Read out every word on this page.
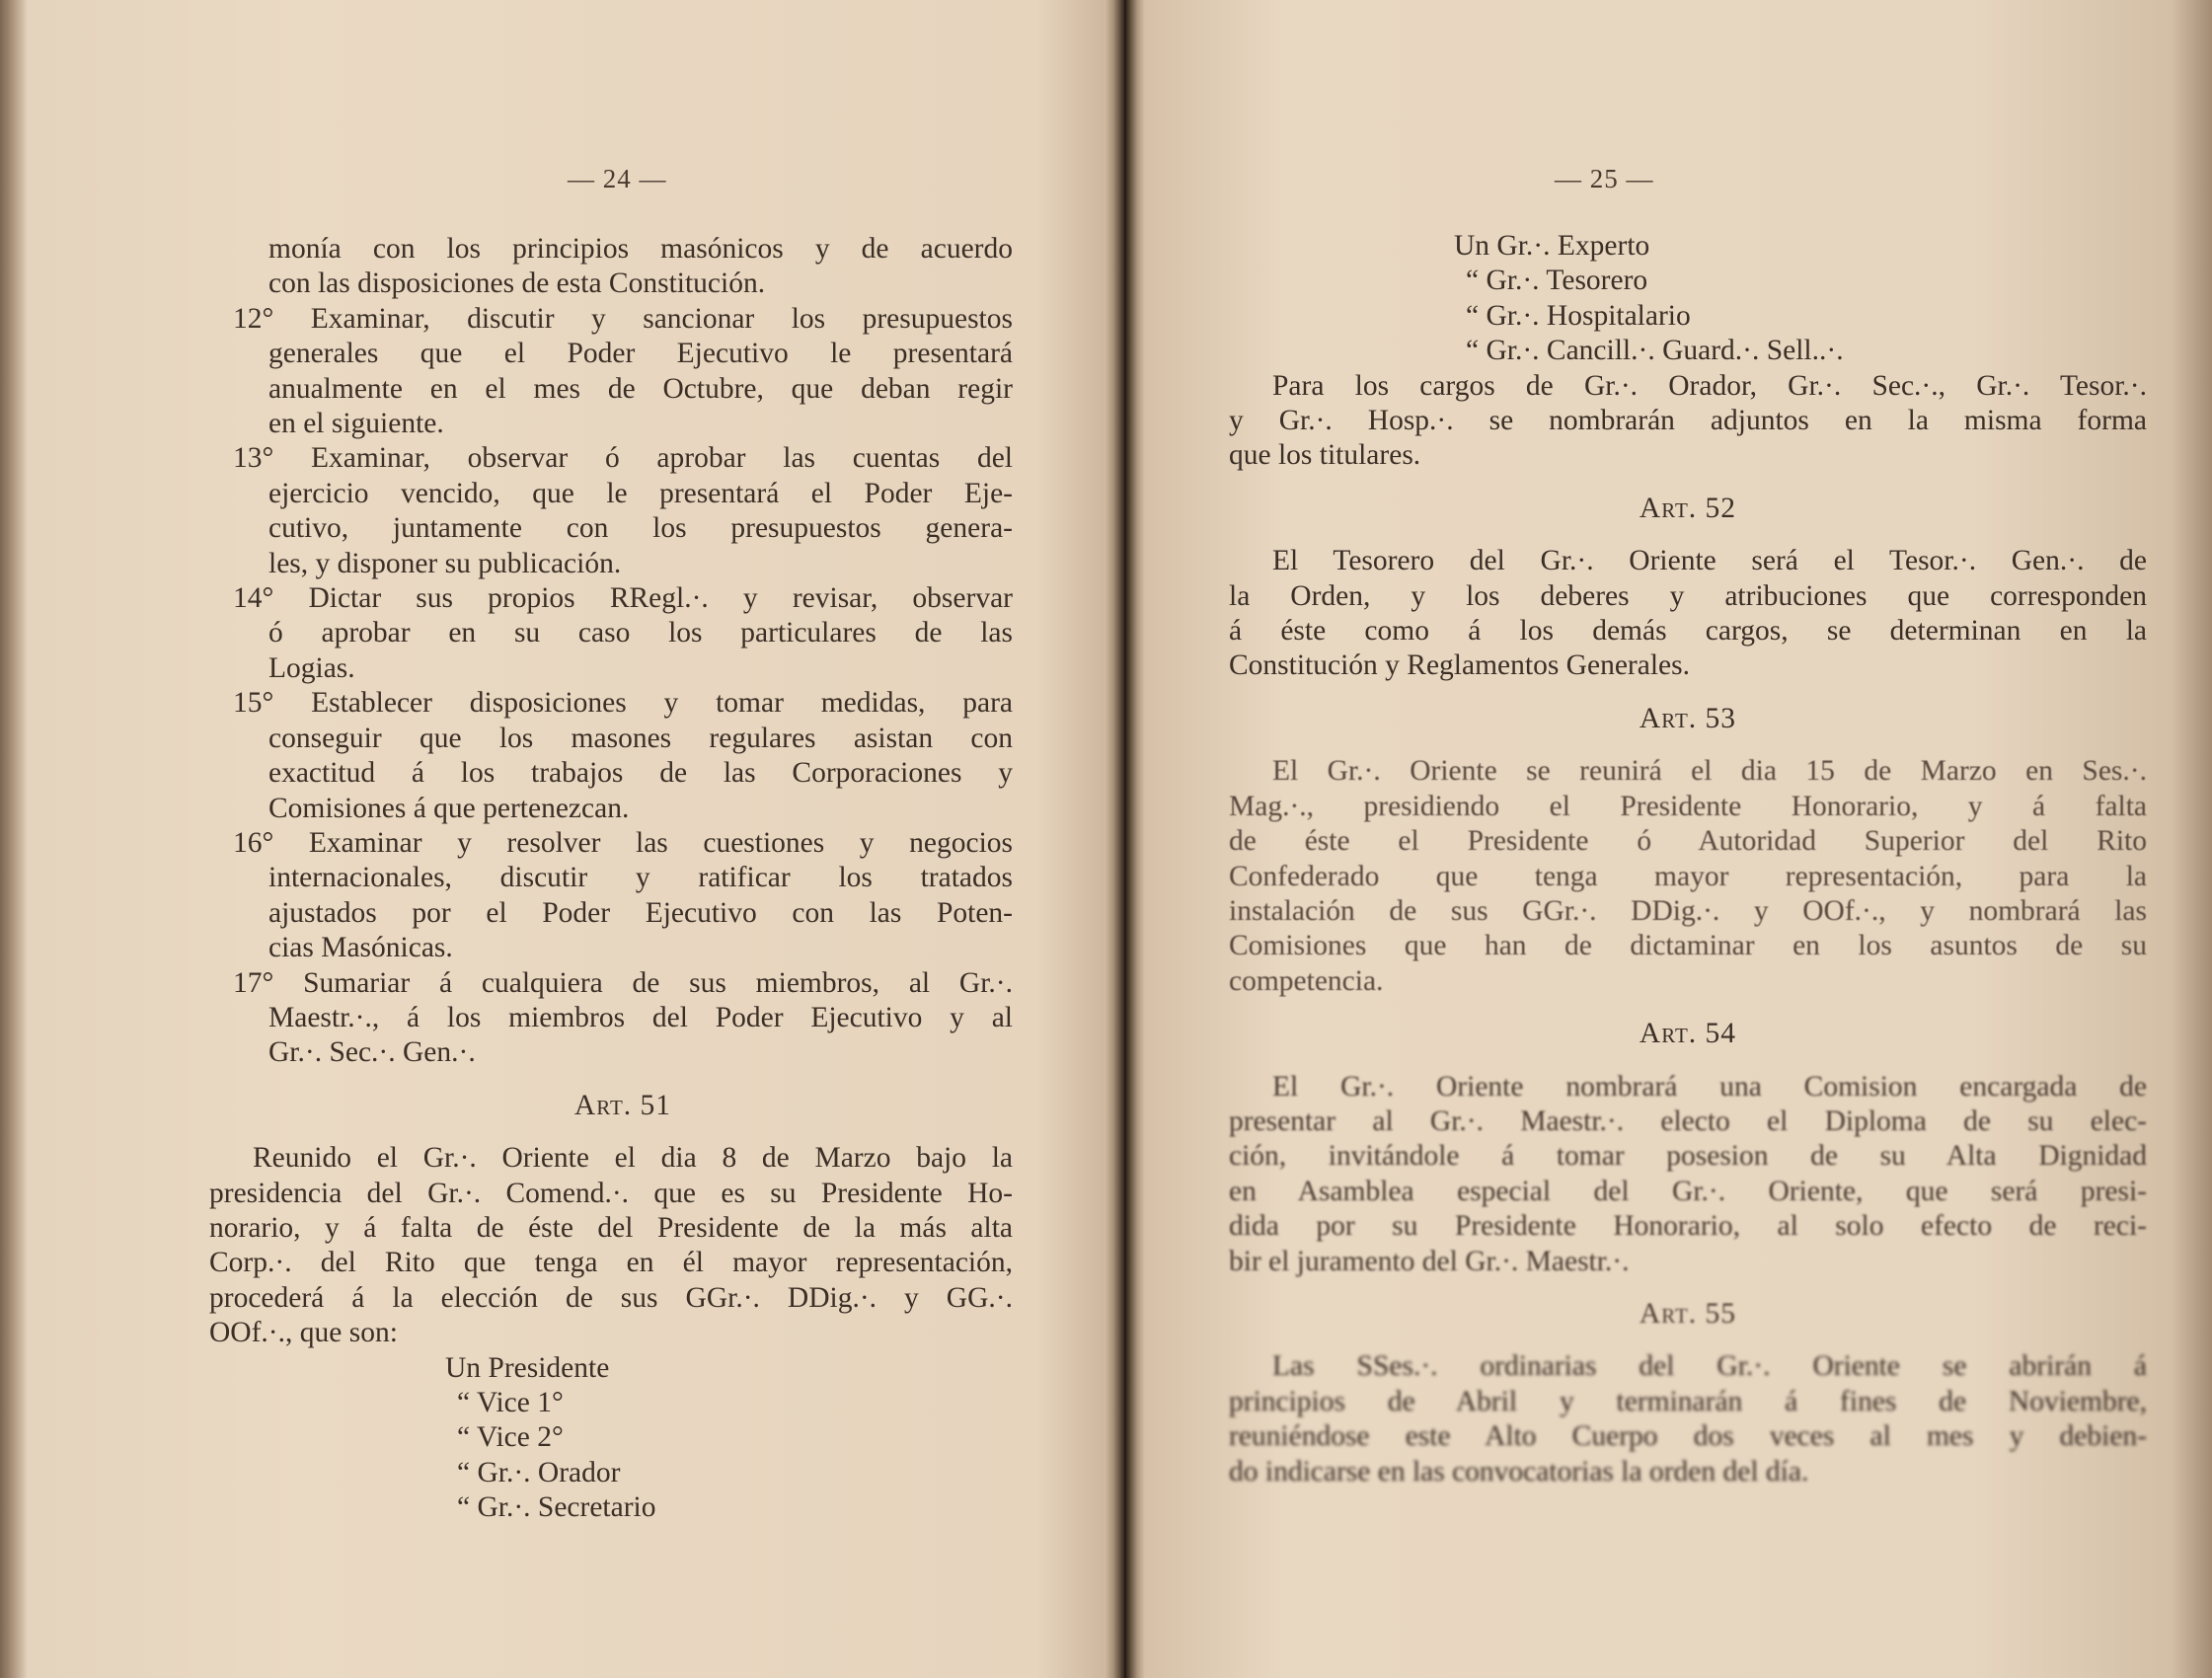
— 24 —
monía con los principios masónicos y de acuerdo
con las disposiciones de esta Constitución.
12° Examinar, discutir y sancionar los presupuestos
generales que el Poder Ejecutivo le presentará
anualmente en el mes de Octubre, que deban regir
en el siguiente.
13° Examinar, observar ó aprobar las cuentas del
ejercicio vencido, que le presentará el Poder Eje-
cutivo, juntamente con los presupuestos genera-
les, y disponer su publicación.
14° Dictar sus propios RRegl.·. y revisar, observar
ó aprobar en su caso los particulares de las
Logias.
15° Establecer disposiciones y tomar medidas, para
conseguir que los masones regulares asistan con
exactitud á los trabajos de las Corporaciones y
Comisiones á que pertenezcan.
16° Examinar y resolver las cuestiones y negocios
internacionales, discutir y ratificar los tratados
ajustados por el Poder Ejecutivo con las Poten-
cias Masónicas.
17° Sumariar á cualquiera de sus miembros, al Gr.·.
Maestr.·., á los miembros del Poder Ejecutivo y al
Gr.·. Sec.·. Gen.·.
Art. 51
Reunido el Gr.·. Oriente el dia 8 de Marzo bajo la
presidencia del Gr.·. Comend.·. que es su Presidente Ho-
norario, y á falta de éste del Presidente de la más alta
Corp.·. del Rito que tenga en él mayor representación,
procederá á la elección de sus GGr.·. DDig.·. y GG.·.
OOf.·., que son:
Un Presidente
“ Vice 1°
“ Vice 2°
“ Gr.·. Orador
“ Gr.·. Secretario
— 25 —
Un Gr.·. Experto
“ Gr.·. Tesorero
“ Gr.·. Hospitalario
“ Gr.·. Cancill.·. Guard.·. Sell..·.
Para los cargos de Gr.·. Orador, Gr.·. Sec.·., Gr.·. Tesor.·.
y Gr.·. Hosp.·. se nombrarán adjuntos en la misma forma
que los titulares.
Art. 52
El Tesorero del Gr.·. Oriente será el Tesor.·. Gen.·. de
la Orden, y los deberes y atribuciones que corresponden
á éste como á los demás cargos, se determinan en la
Constitución y Reglamentos Generales.
Art. 53
El Gr.·. Oriente se reunirá el dia 15 de Marzo en Ses.·.
Mag.·., presidiendo el Presidente Honorario, y á falta
de éste el Presidente ó Autoridad Superior del Rito
Confederado que tenga mayor representación, para la
instalación de sus GGr.·. DDig.·. y OOf.·., y nombrará las
Comisiones que han de dictaminar en los asuntos de su
competencia.
Art. 54
El Gr.·. Oriente nombrará una Comision encargada de
presentar al Gr.·. Maestr.·. electo el Diploma de su elec-
ción, invitándole á tomar posesion de su Alta Dignidad
en Asamblea especial del Gr.·. Oriente, que será presi-
dida por su Presidente Honorario, al solo efecto de reci-
bir el juramento del Gr.·. Maestr.·.
Art. 55
Las SSes.·. ordinarias del Gr.·. Oriente se abrirán á
principios de Abril y terminarán á fines de Noviembre,
reuniéndose este Alto Cuerpo dos veces al mes y debien-
do indicarse en las convocatorias la orden del día.
